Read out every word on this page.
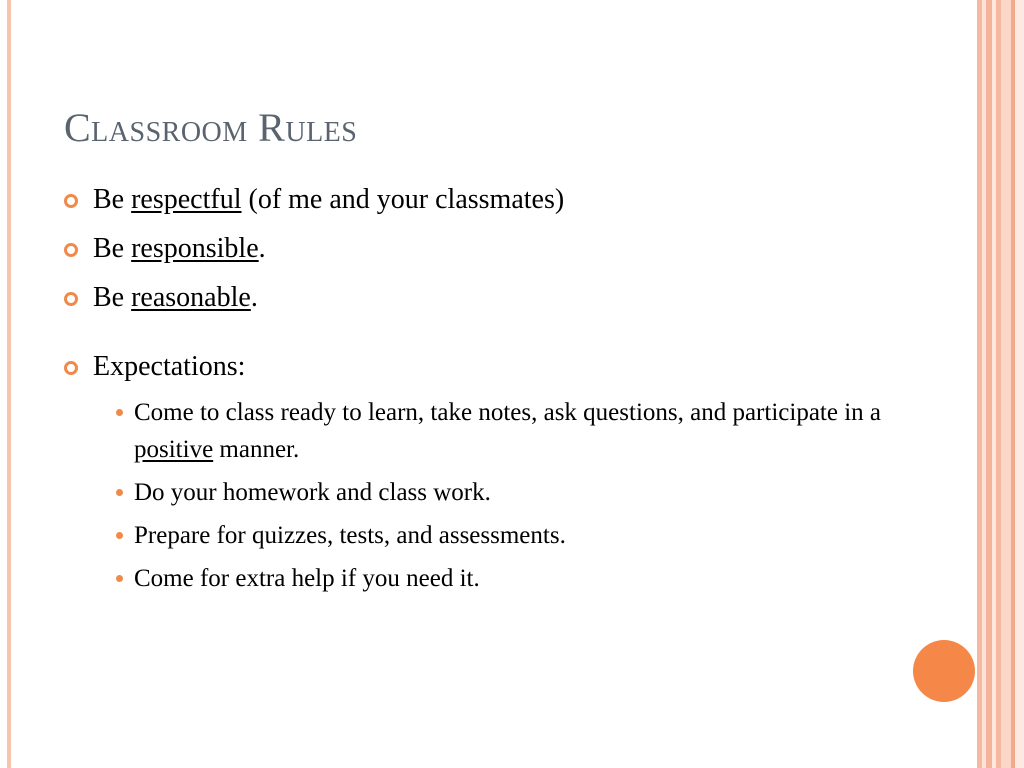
Classroom Rules
Be respectful (of me and your classmates)
Be responsible.
Be reasonable.
Expectations:
Come to class ready to learn, take notes, ask questions, and participate in a positive manner.
Do your homework and class work.
Prepare for quizzes, tests, and assessments.
Come for extra help if you need it.
